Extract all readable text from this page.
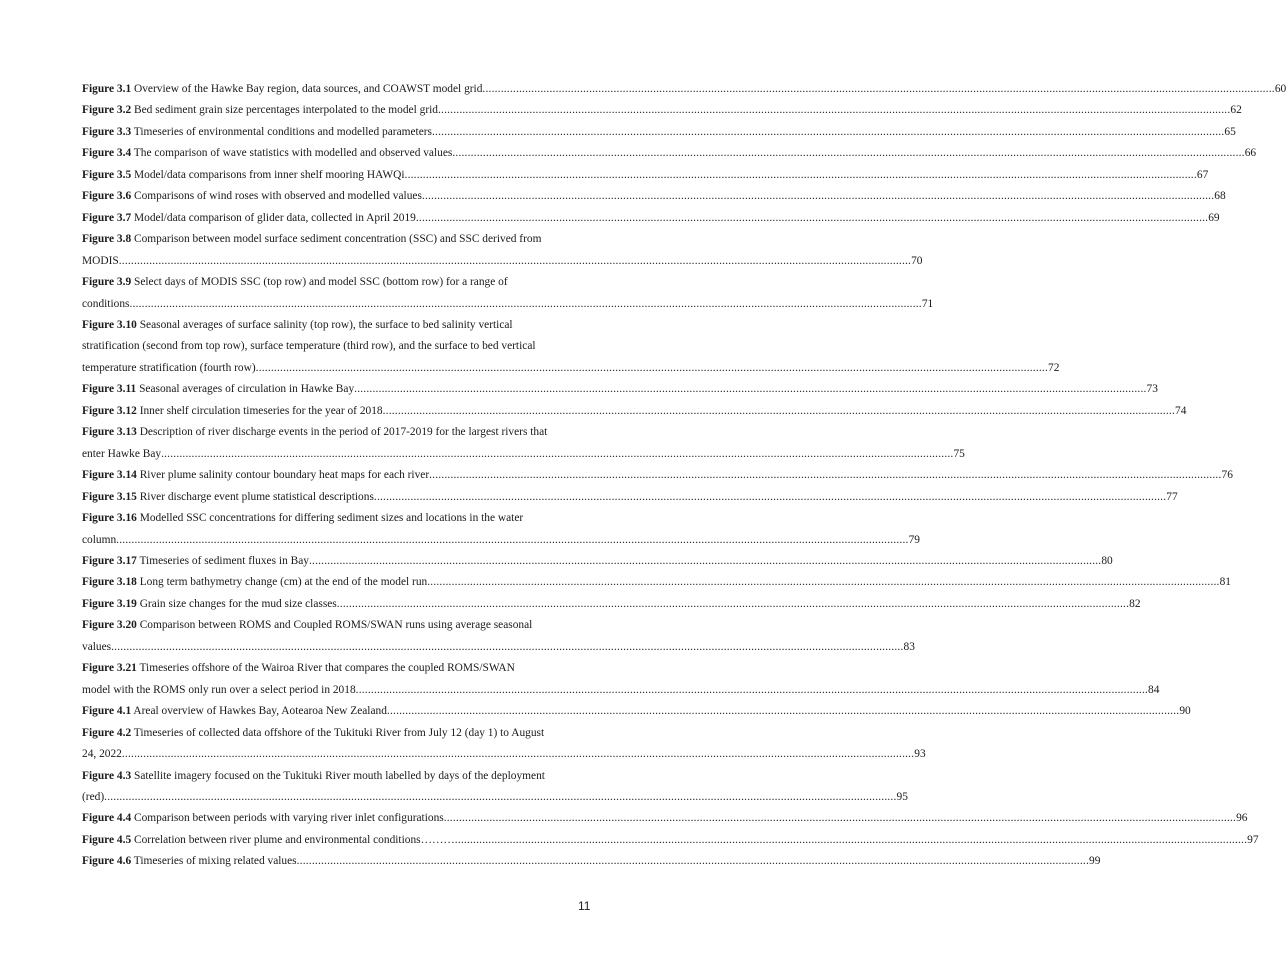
Figure 3.1 Overview of the Hawke Bay region, data sources, and COAWST model grid .................................................................................................................................................................................................................................................................... 60
Figure 3.2 Bed sediment grain size percentages interpolated to the model grid .................................................................................................................................................................................................................................................................... 62
Figure 3.3 Timeseries of environmental conditions and modelled parameters .................................................................................................................................................................................................................................................................... 65
Figure 3.4 The comparison of wave statistics with modelled and observed values .................................................................................................................................................................................................................................................................... 66
Figure 3.5 Model/data comparisons from inner shelf mooring HAWQi .................................................................................................................................................................................................................................................................... 67
Figure 3.6 Comparisons of wind roses with observed and modelled values .................................................................................................................................................................................................................................................................... 68
Figure 3.7 Model/data comparison of glider data, collected in April 2019 .................................................................................................................................................................................................................................................................... 69
Figure 3.8 Comparison between model surface sediment concentration (SSC) and SSC derived from
MODIS .................................................................................................................................................................................................................................................................... 70
Figure 3.9 Select days of MODIS SSC (top row) and model SSC (bottom row) for a range of
conditions .................................................................................................................................................................................................................................................................... 71
Figure 3.10 Seasonal averages of surface salinity (top row), the surface to bed salinity vertical
stratification (second from top row), surface temperature (third row), and the surface to bed vertical
temperature stratification (fourth row) .................................................................................................................................................................................................................................................................... 72
Figure 3.11 Seasonal averages of circulation in Hawke Bay .................................................................................................................................................................................................................................................................... 73
Figure 3.12 Inner shelf circulation timeseries for the year of 2018 .................................................................................................................................................................................................................................................................... 74
Figure 3.13 Description of river discharge events in the period of 2017-2019 for the largest rivers that
enter Hawke Bay .................................................................................................................................................................................................................................................................... 75
Figure 3.14 River plume salinity contour boundary heat maps for each river .................................................................................................................................................................................................................................................................... 76
Figure 3.15 River discharge event plume statistical descriptions .................................................................................................................................................................................................................................................................... 77
Figure 3.16 Modelled SSC concentrations for differing sediment sizes and locations in the water
column .................................................................................................................................................................................................................................................................... 79
Figure 3.17 Timeseries of sediment fluxes in Bay .................................................................................................................................................................................................................................................................... 80
Figure 3.18 Long term bathymetry change (cm) at the end of the model run .................................................................................................................................................................................................................................................................... 81
Figure 3.19 Grain size changes for the mud size classes .................................................................................................................................................................................................................................................................... 82
Figure 3.20 Comparison between ROMS and Coupled ROMS/SWAN runs using average seasonal
values .................................................................................................................................................................................................................................................................... 83
Figure 3.21 Timeseries offshore of the Wairoa River that compares the coupled ROMS/SWAN
model with the ROMS only run over a select period in 2018 .................................................................................................................................................................................................................................................................... 84
Figure 4.1 Areal overview of Hawkes Bay, Aotearoa New Zealand .................................................................................................................................................................................................................................................................... 90
Figure 4.2 Timeseries of collected data offshore of the Tukituki River from July 12 (day 1) to August
24, 2022 .................................................................................................................................................................................................................................................................... 93
Figure 4.3 Satellite imagery focused on the Tukituki River mouth labelled by days of the deployment
(red) .................................................................................................................................................................................................................................................................... 95
Figure 4.4 Comparison between periods with varying river inlet configurations .................................................................................................................................................................................................................................................................... 96
Figure 4.5 Correlation between river plume and environmental conditions……… .................................................................................................................................................................................................................................................................... 97
Figure 4.6 Timeseries of mixing related values .................................................................................................................................................................................................................................................................... 99
11
